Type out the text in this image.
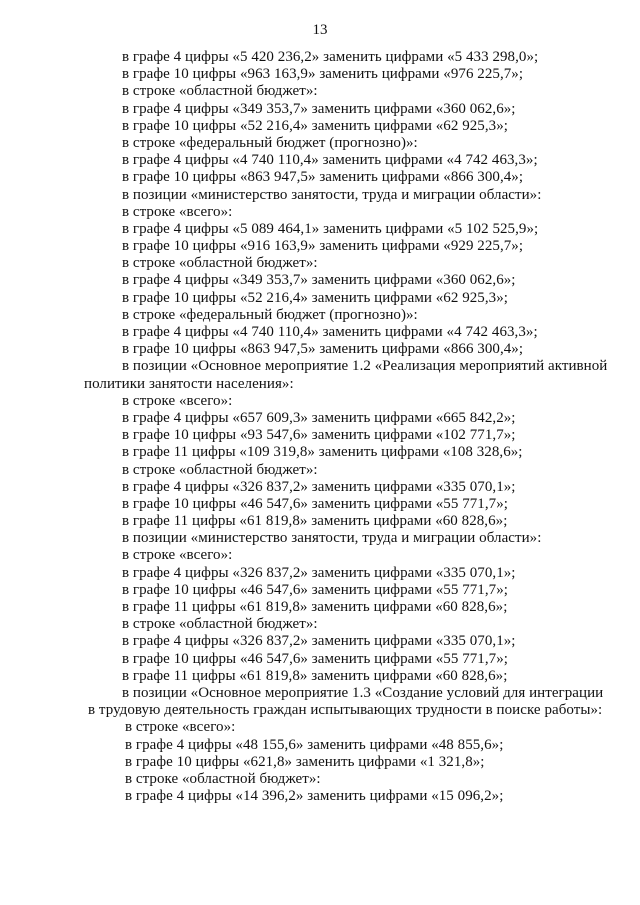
13
в графе 4 цифры «5 420 236,2» заменить цифрами «5 433 298,0»;
в графе 10 цифры «963 163,9» заменить цифрами «976 225,7»;
в строке «областной бюджет»:
в графе 4 цифры «349 353,7» заменить цифрами «360 062,6»;
в графе 10 цифры «52 216,4» заменить цифрами «62 925,3»;
в строке «федеральный бюджет (прогнозно)»:
в графе 4 цифры «4 740 110,4» заменить цифрами «4 742 463,3»;
в графе 10 цифры «863 947,5» заменить цифрами «866 300,4»;
в позиции «министерство занятости, труда и миграции области»:
в строке «всего»:
в графе 4 цифры «5 089 464,1» заменить цифрами «5 102 525,9»;
в графе 10 цифры «916 163,9» заменить цифрами «929 225,7»;
в строке «областной бюджет»:
в графе 4 цифры «349 353,7» заменить цифрами «360 062,6»;
в графе 10 цифры «52 216,4» заменить цифрами «62 925,3»;
в строке «федеральный бюджет (прогнозно)»:
в графе 4 цифры «4 740 110,4» заменить цифрами «4 742 463,3»;
в графе 10 цифры «863 947,5» заменить цифрами «866 300,4»;
в позиции «Основное мероприятие 1.2 «Реализация мероприятий активной
политики занятости населения»:
в строке «всего»:
в графе 4 цифры «657 609,3» заменить цифрами «665 842,2»;
в графе 10 цифры «93 547,6» заменить цифрами «102 771,7»;
в графе 11 цифры «109 319,8» заменить цифрами «108 328,6»;
в строке «областной бюджет»:
в графе 4 цифры «326 837,2» заменить цифрами «335 070,1»;
в графе 10 цифры «46 547,6» заменить цифрами «55 771,7»;
в графе 11 цифры «61 819,8» заменить цифрами «60 828,6»;
в позиции «министерство занятости, труда и миграции области»:
в строке «всего»:
в графе 4 цифры «326 837,2» заменить цифрами «335 070,1»;
в графе 10 цифры «46 547,6» заменить цифрами «55 771,7»;
в графе 11 цифры «61 819,8» заменить цифрами «60 828,6»;
в строке «областной бюджет»:
в графе 4 цифры «326 837,2» заменить цифрами «335 070,1»;
в графе 10 цифры «46 547,6» заменить цифрами «55 771,7»;
в графе 11 цифры «61 819,8» заменить цифрами «60 828,6»;
в позиции «Основное мероприятие 1.3 «Создание условий для интеграции
в трудовую деятельность граждан испытывающих трудности в поиске работы»:
в строке «всего»:
в графе 4 цифры «48 155,6» заменить цифрами «48 855,6»;
в графе 10 цифры «621,8» заменить цифрами «1 321,8»;
в строке «областной бюджет»:
в графе 4 цифры «14 396,2» заменить цифрами «15 096,2»;
